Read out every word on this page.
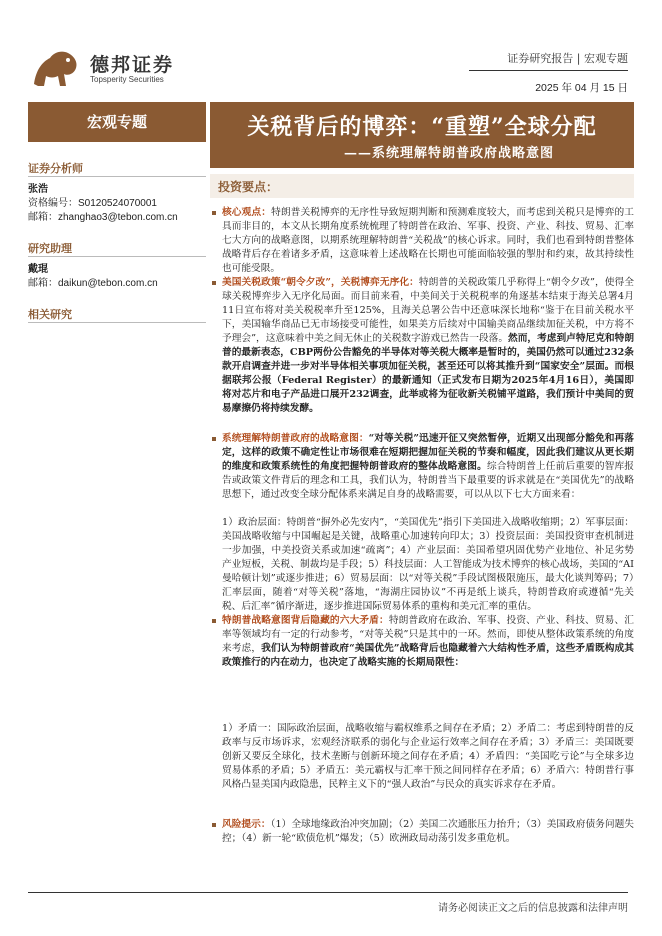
德邦证券
Topsperity Securities
证券研究报告 | 宏观专题
2025 年 04 月 15 日
宏观专题	关税背后的博弈：“重塑”全球分配
——系统理解特朗普政府战略意图
证券分析师
张浩
资格编号：S0120524070001
邮箱：zhanghao3@tebon.com.cn
研究助理
戴琨
邮箱：daikun@tebon.com.cn
相关研究
投资要点：
核心观点：特朗普关税博弈的无序性导致短期判断和预测难度较大，而考虑到关税只是博弈的工具而非目的，本文从长期角度系统梳理了特朗普在政治、军事、投资、产业、科技、贸易、汇率七大方向的战略意图，以期系统理解特朗普“关税战”的核心诉求。同时，我们也看到特朗普整体战略背后存在着诸多矛盾，这意味着上述战略在长期也可能面临较强的掣肘和约束，故其持续性也可能受限。
美国关税政策“朝令夕改”，关税博弈无序化：特朗普的关税政策几乎称得上“朝令夕改”，使得全球关税博弈步入无序化局面。而目前来看，中美间关于关税税率的角逐基本结束于海关总署4月11日宣布将对美关税税率升至125%，且海关总署公告中还意味深长地称“鉴于在目前关税水平下，美国输华商品已无市场接受可能性，如果美方后续对中国输美商品继续加征关税，中方将不予理会”，这意味着中美之间无休止的关税数字游戏已然告一段落。然而，考虑到卢特尼克和特朗普的最新表态，CBP两份公告豁免的半导体对等关税大概率是暂时的，美国仍然可以通过232条款开启调查并进一步对半导体相关事项加征关税，甚至还可以将其推升到“国家安全”层面。而根据联邦公报（Federal Register）的最新通知（正式发布日期为2025年4月16日），美国即将对芯片和电子产品进口展开232调查，此举或将为征收新关税铺平道路，我们预计中美间的贸易摩擦仍将持续发酵。
系统理解特朗普政府的战略意图：“对等关税”迅速开征又突然暂停，近期又出现部分豁免和再落定，这样的政策不确定性让市场很难在短期把握加征关税的节奏和幅度，因此我们建议从更长期的维度和政策系统性的角度把握特朗普政府的整体战略意图。综合特朗普上任前后重要的智库报告或政策文件背后的理念和工具，我们认为，特朗普当下最重要的诉求就是在“美国优先”的战略思想下，通过改变全球分配体系来满足自身的战略需要，可以从以下七大方面来看：
1）政治层面：特朗普“摒外必先安内”，“美国优先”指引下美国进入战略收缩期；2）军事层面：美国战略收缩与中国崛起是关键，战略重心加速转向印太；3）投资层面：美国投资审查机制进一步加强，中美投资关系或加速“疏离”；4）产业层面：美国希望巩固优势产业地位、补足劣势产业短板，关税、制裁均是手段；5）科技层面：人工智能成为技术博弈的核心战场，美国的“AI曼哈顿计划”或逐步推进；6）贸易层面：以“对等关税”手段试图极限施压，最大化谈判筹码；7）汇率层面，随着“对等关税”落地，“海湖庄园协议”不再是纸上谈兵，特朗普政府或遵循“先关税、后汇率”循序渐进，逐步推进国际贸易体系的重构和美元汇率的重估。
特朗普战略意图背后隐藏的六大矛盾：特朗普政府在政治、军事、投资、产业、科技、贸易、汇率等领域均有一定的行动参考，“对等关税”只是其中的一环。然而，即使从整体政策系统的角度来考虑，我们认为特朗普政府“美国优先”战略背后也隐藏着六大结构性矛盾，这些矛盾既构成其政策推行的内在动力，也决定了战略实施的长期局限性：
1）矛盾一：国际政治层面，战略收缩与霸权维系之间存在矛盾；2）矛盾二：考虑到特朗普的反政率与反市场诉求，宏观经济联系的弱化与企业运行效率之间存在矛盾；3）矛盾三：美国既要创新又要反全球化，技术垄断与创新环境之间存在矛盾；4）矛盾四：“美国吃亏论”与全球多边贸易体系的矛盾；5）矛盾五：美元霸权与汇率干预之间同样存在矛盾；6）矛盾六：特朗普行事风格凸显美国内政隐患，民粹主义下的“强人政治”与民众的真实诉求存在矛盾。
风险提示：（1）全球地缘政治冲突加剧；（2）美国二次通胀压力抬升；（3）美国政府债务问题失控；（4）新一轮“欧债危机”爆发；（5）欧洲政局动荡引发多重危机。
请务必阅读正文之后的信息披露和法律声明
